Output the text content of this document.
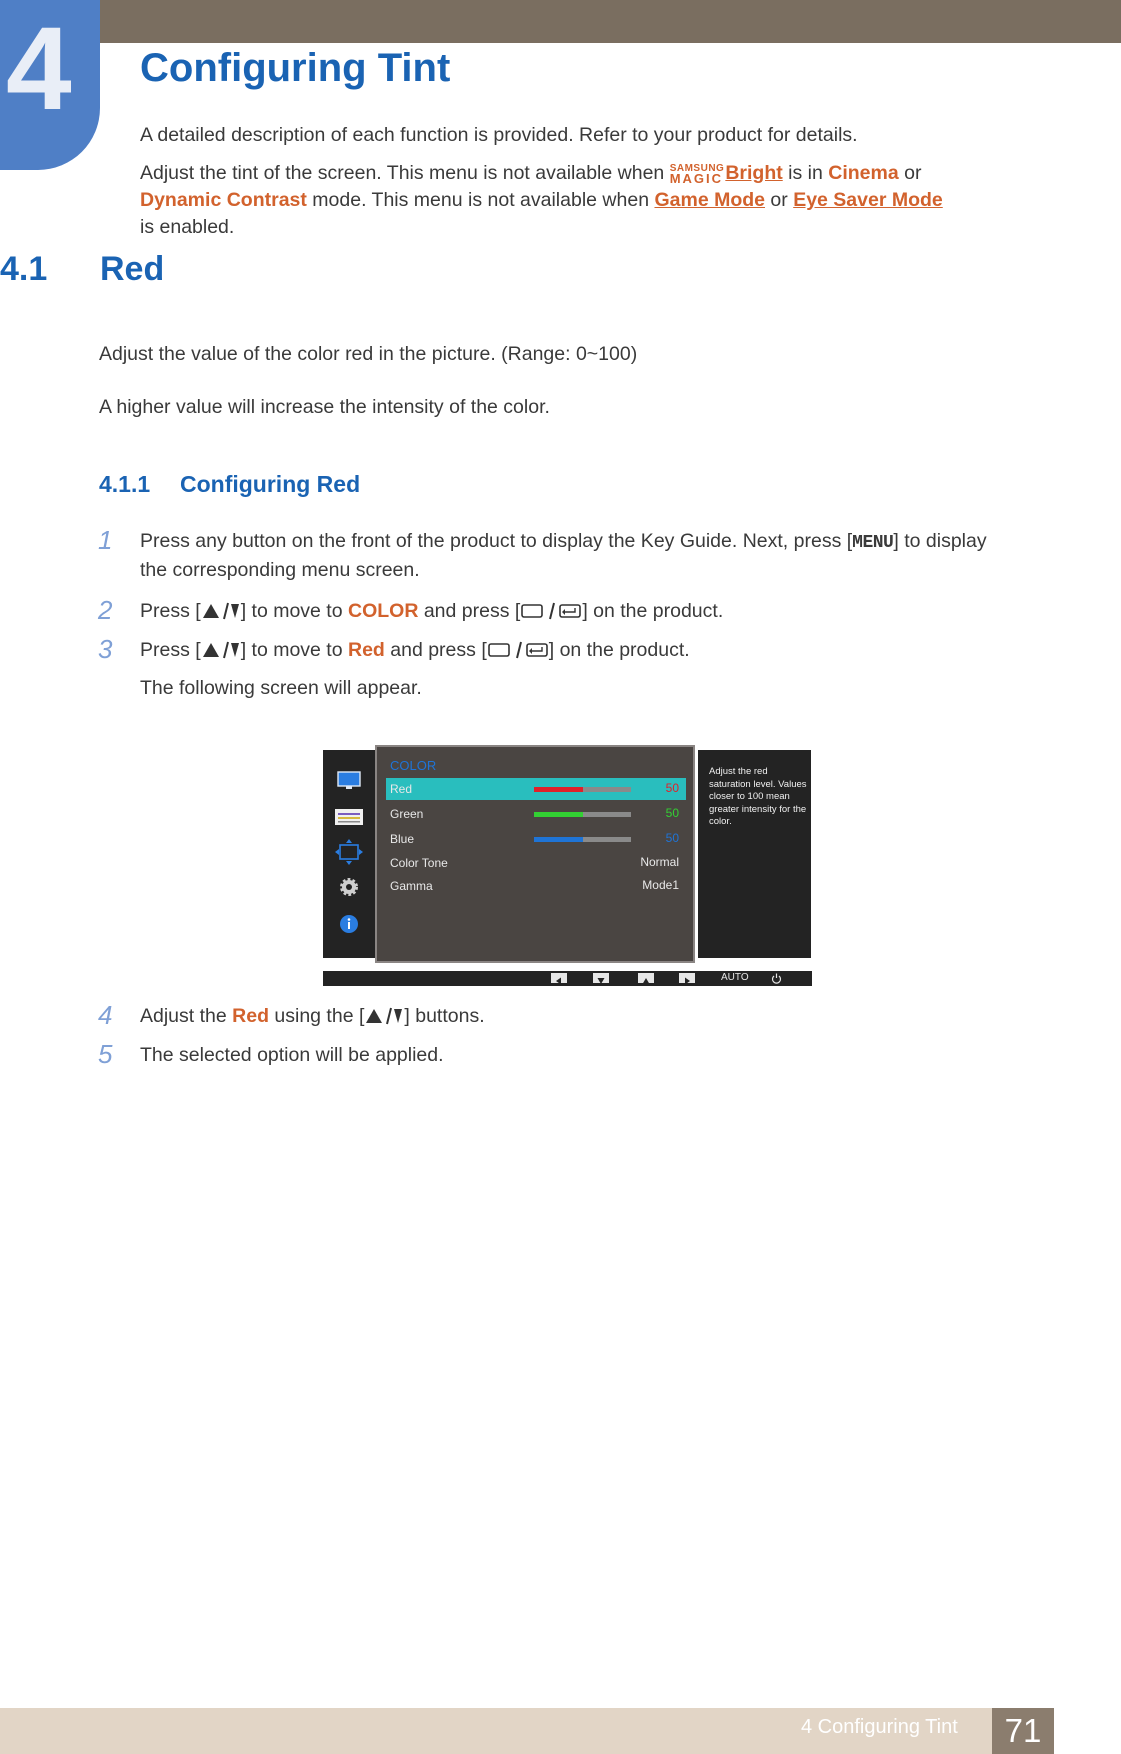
4 Configuring Tint

A detailed description of each function is provided. Refer to your product for details.

Adjust the tint of the screen. This menu is not available when SAMSUNG
MAGIC Bright is in Cinema or
Dynamic Contrast mode. This menu is not available when Game Mode or Eye Saver Mode
is enabled.

4.1 Red

Adjust the value of the color red in the picture. (Range: 0~100)

A higher value will increase the intensity of the color.

4.1.1 Configuring Red
1 Press any button on the front of the product to display the Key Guide. Next, press [MENU] to display
the corresponding menu screen.

2 Press [ ] to move to COLOR and press [	] on the product.

3 Press [ ] to move to Red and press [	] on the product.

The following screen will appear.

COLOR
Red	50
Green	50
Blue	50
Color Tone	Normal
Gamma	Mode1
Adjust the red saturation level. Values closer to 100 mean greater intensity for the color.
AUTO
4 Adjust the Red using the [ ] buttons.

5 The selected option will be applied.

4 Configuring Tint	71
